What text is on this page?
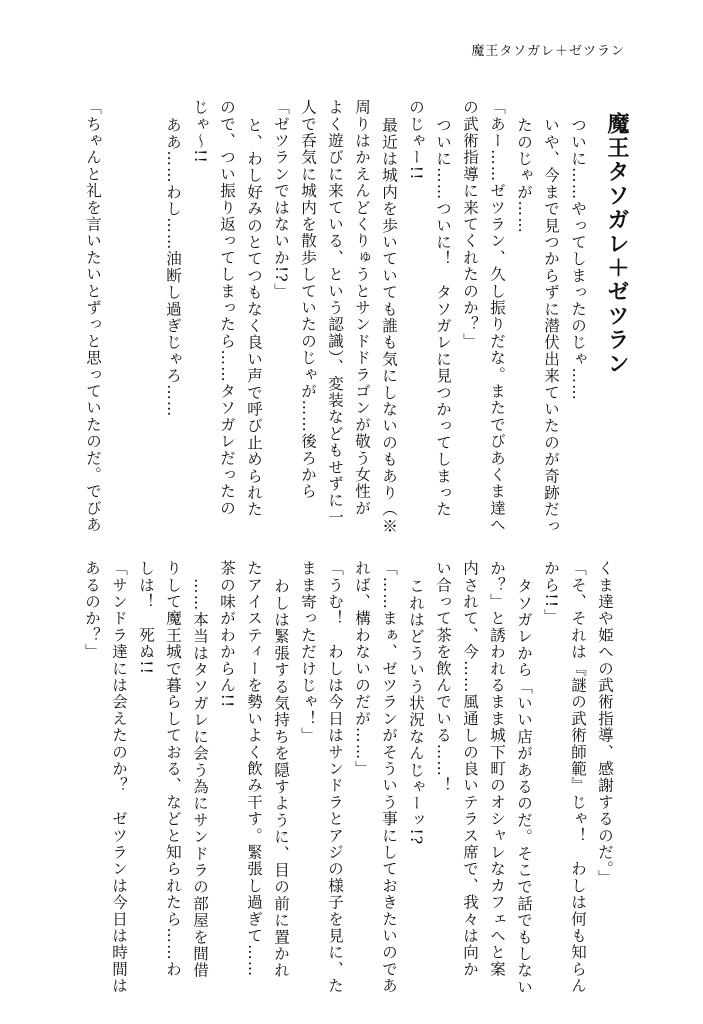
魔王タソガレ＋ゼツラン
魔王タソガレ＋ゼツラン
ついに……やってしまったのじゃ……
いや、今まで見つからずに潜伏出来ていたのが奇跡だっ
たのじゃが……
「あー……ゼツラン、久し振りだな。またでびあくま達へ
の武術指導に来てくれたのか？」
ついに……ついに！　タソガレに見つかってしまった
のじゃー!!
最近は城内を歩いていても誰も気にしないのもあり（※
周りはかえんどくりゅうとサンドドラゴンが敬う女性が
よく遊びに来ている、という認識）、変装などもせずに一
人で呑気に城内を散歩していたのじゃが……後ろから
「ゼツランではないか!?」
と、わし好みのとてつもなく良い声で呼び止められた
ので、つい振り返ってしまったら……タソガレだったの
じゃ～!!
ああ……わし……油断し過ぎじゃろ……
「ちゃんと礼を言いたいとずっと思っていたのだ。でびあ
くま達や姫への武術指導、感謝するのだ。」
「そ、それは『謎の武術師範』じゃ！　わしは何も知らん
から!!」
タソガレから「いい店があるのだ。そこで話でもしない
か？」と誘われるまま城下町のオシャレなカフェへと案
内されて、今……風通しの良いテラス席で、我々は向か
い合って茶を飲んでいる……！
これはどういう状況なんじゃーッ!?
「……まぁ、ゼツランがそういう事にしておきたいのであ
れば、構わないのだが……」
「うむ！　わしは今日はサンドラとアジの様子を見に、た
まま寄っただけじゃ！」
わしは緊張する気持ちを隠すように、目の前に置かれ
たアイスティーを勢いよく飲み干す。緊張し過ぎて……
茶の味がわからん!!
……本当はタソガレに会う為にサンドラの部屋を間借
りして魔王城で暮らしておる、などと知られたら……わ
しは！　死ぬ!!
「サンドラ達には会えたのか？　ゼツランは今日は時間は
あるのか？」
